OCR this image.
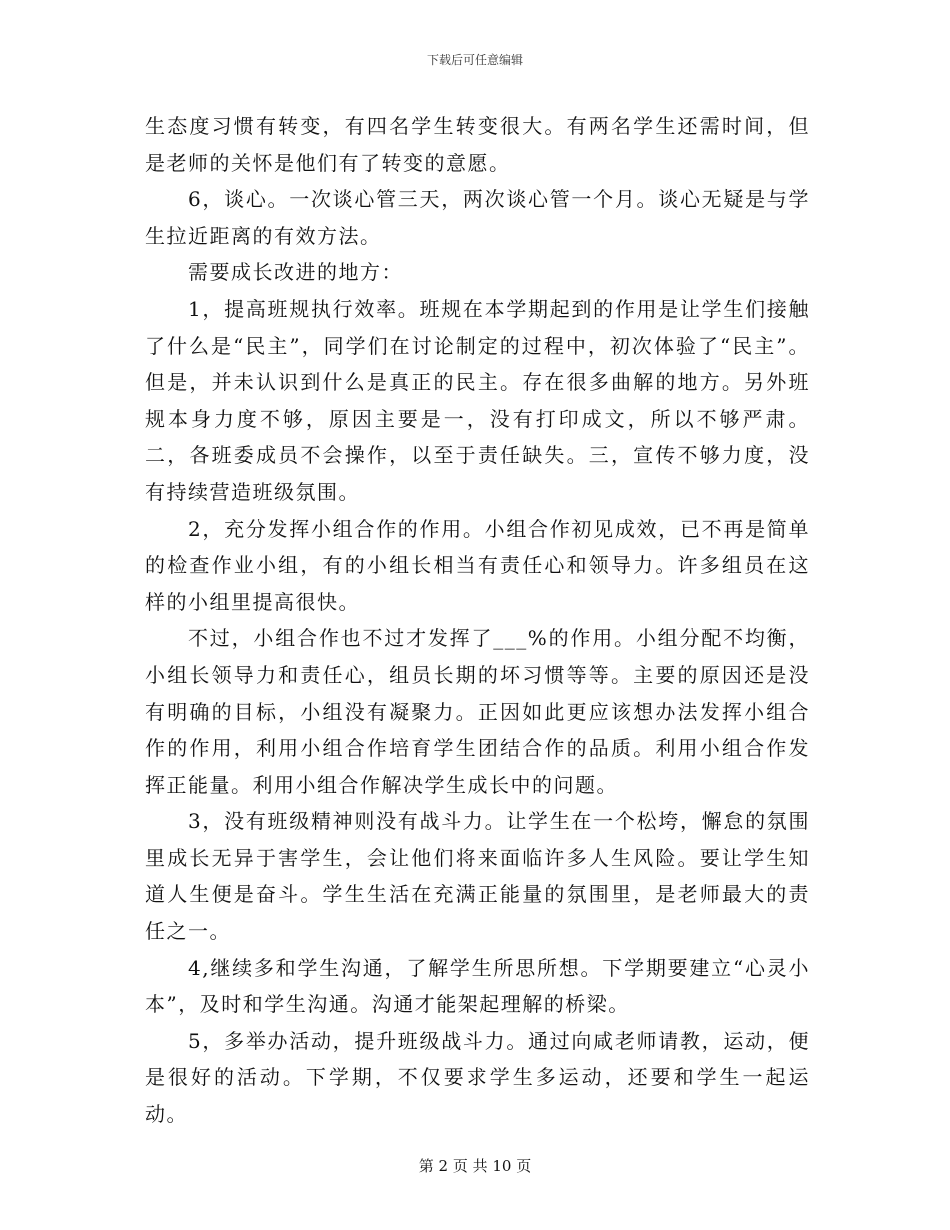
下载后可任意编辑

生态度习惯有转变，有四名学生转变很大。有两名学生还需时间，但是老师的关怀是他们有了转变的意愿。

6，谈心。一次谈心管三天，两次谈心管一个月。谈心无疑是与学生拉近距离的有效方法。

需要成长改进的地方：

1，提高班规执行效率。班规在本学期起到的作用是让学生们接触了什么是“民主”，同学们在讨论制定的过程中，初次体验了“民主”。但是，并未认识到什么是真正的民主。存在很多曲解的地方。另外班规本身力度不够，原因主要是一，没有打印成文，所以不够严肃。二，各班委成员不会操作，以至于责任缺失。三，宣传不够力度，没有持续营造班级氛围。

2，充分发挥小组合作的作用。小组合作初见成效，已不再是简单的检查作业小组，有的小组长相当有责任心和领导力。许多组员在这样的小组里提高很快。

不过，小组合作也不过才发挥了___%的作用。小组分配不均衡，小组长领导力和责任心，组员长期的坏习惯等等。主要的原因还是没有明确的目标，小组没有凝聚力。正因如此更应该想办法发挥小组合作的作用，利用小组合作培育学生团结合作的品质。利用小组合作发挥正能量。利用小组合作解决学生成长中的问题。

3，没有班级精神则没有战斗力。让学生在一个松垮，懈怠的氛围里成长无异于害学生，会让他们将来面临许多人生风险。要让学生知道人生便是奋斗。学生生活在充满正能量的氛围里，是老师最大的责任之一。

4,继续多和学生沟通，了解学生所思所想。下学期要建立“心灵小本”，及时和学生沟通。沟通才能架起理解的桥梁。

5，多举办活动，提升班级战斗力。通过向咸老师请教，运动，便是很好的活动。下学期，不仅要求学生多运动，还要和学生一起运动。

第 2 页 共 10 页
